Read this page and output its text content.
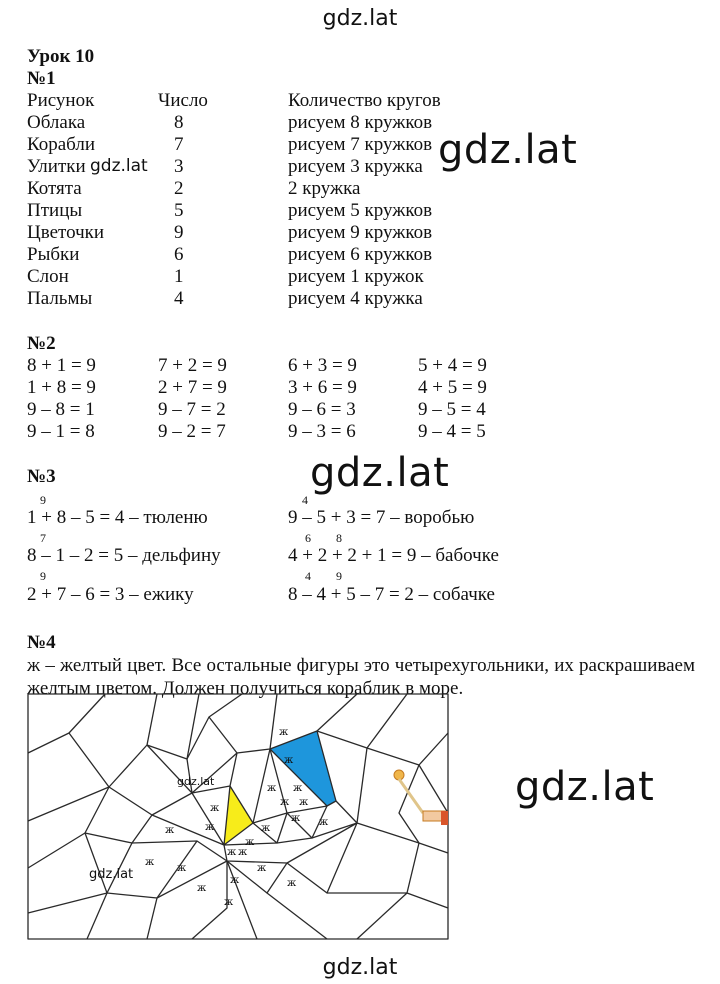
gdz.lat
gdz.lat
gdz.lat
gdz.lat
gdz.lat
gdz.lat
Урок 10
№1
Рисунок	Число	Количество кругов
Облака	8	рисуем 8 кружков
Корабли	7	рисуем 7 кружков
Улитки	3	рисуем 3 кружка
Котята	2	2 кружка
Птицы	5	рисуем 5 кружков
Цветочки	9	рисуем 9 кружков
Рыбки	6	рисуем 6 кружков
Слон	1	рисуем 1 кружок
Пальмы	4	рисуем 4 кружка
№2
8 + 1 = 9	7 + 2 = 9	6 + 3 = 9	5 + 4 = 9
1 + 8 = 9	2 + 7 = 9	3 + 6 = 9	4 + 5 = 9
9 – 8 = 1	9 – 7 = 2	9 – 6 = 3	9 – 5 = 4
9 – 1 = 8	9 – 2 = 7	9 – 3 = 6	9 – 4 = 5
№3
9
1 + 8 – 5 = 4 – тюленю
7
8 – 1 – 2 = 5 – дельфину
9
2 + 7 – 6 = 3 – ежику
4
9 – 5 + 3 = 7 – воробью
6 8
4 + 2 + 2 + 1 = 9 – бабочке
4 9
8 – 4 + 5 – 7 = 2 – собачке
№4
ж – желтый цвет. Все остальные фигуры это четырехугольники, их раскрашиваем желтым цветом. Должен получиться кораблик в море.
ж
ж
ж ж
ж ж
ж
ж
ж	ж
ж ж
ж
ж ж
ж
ж
ж
ж
ж
ж
ж
gdz.lat
gdz.lat
